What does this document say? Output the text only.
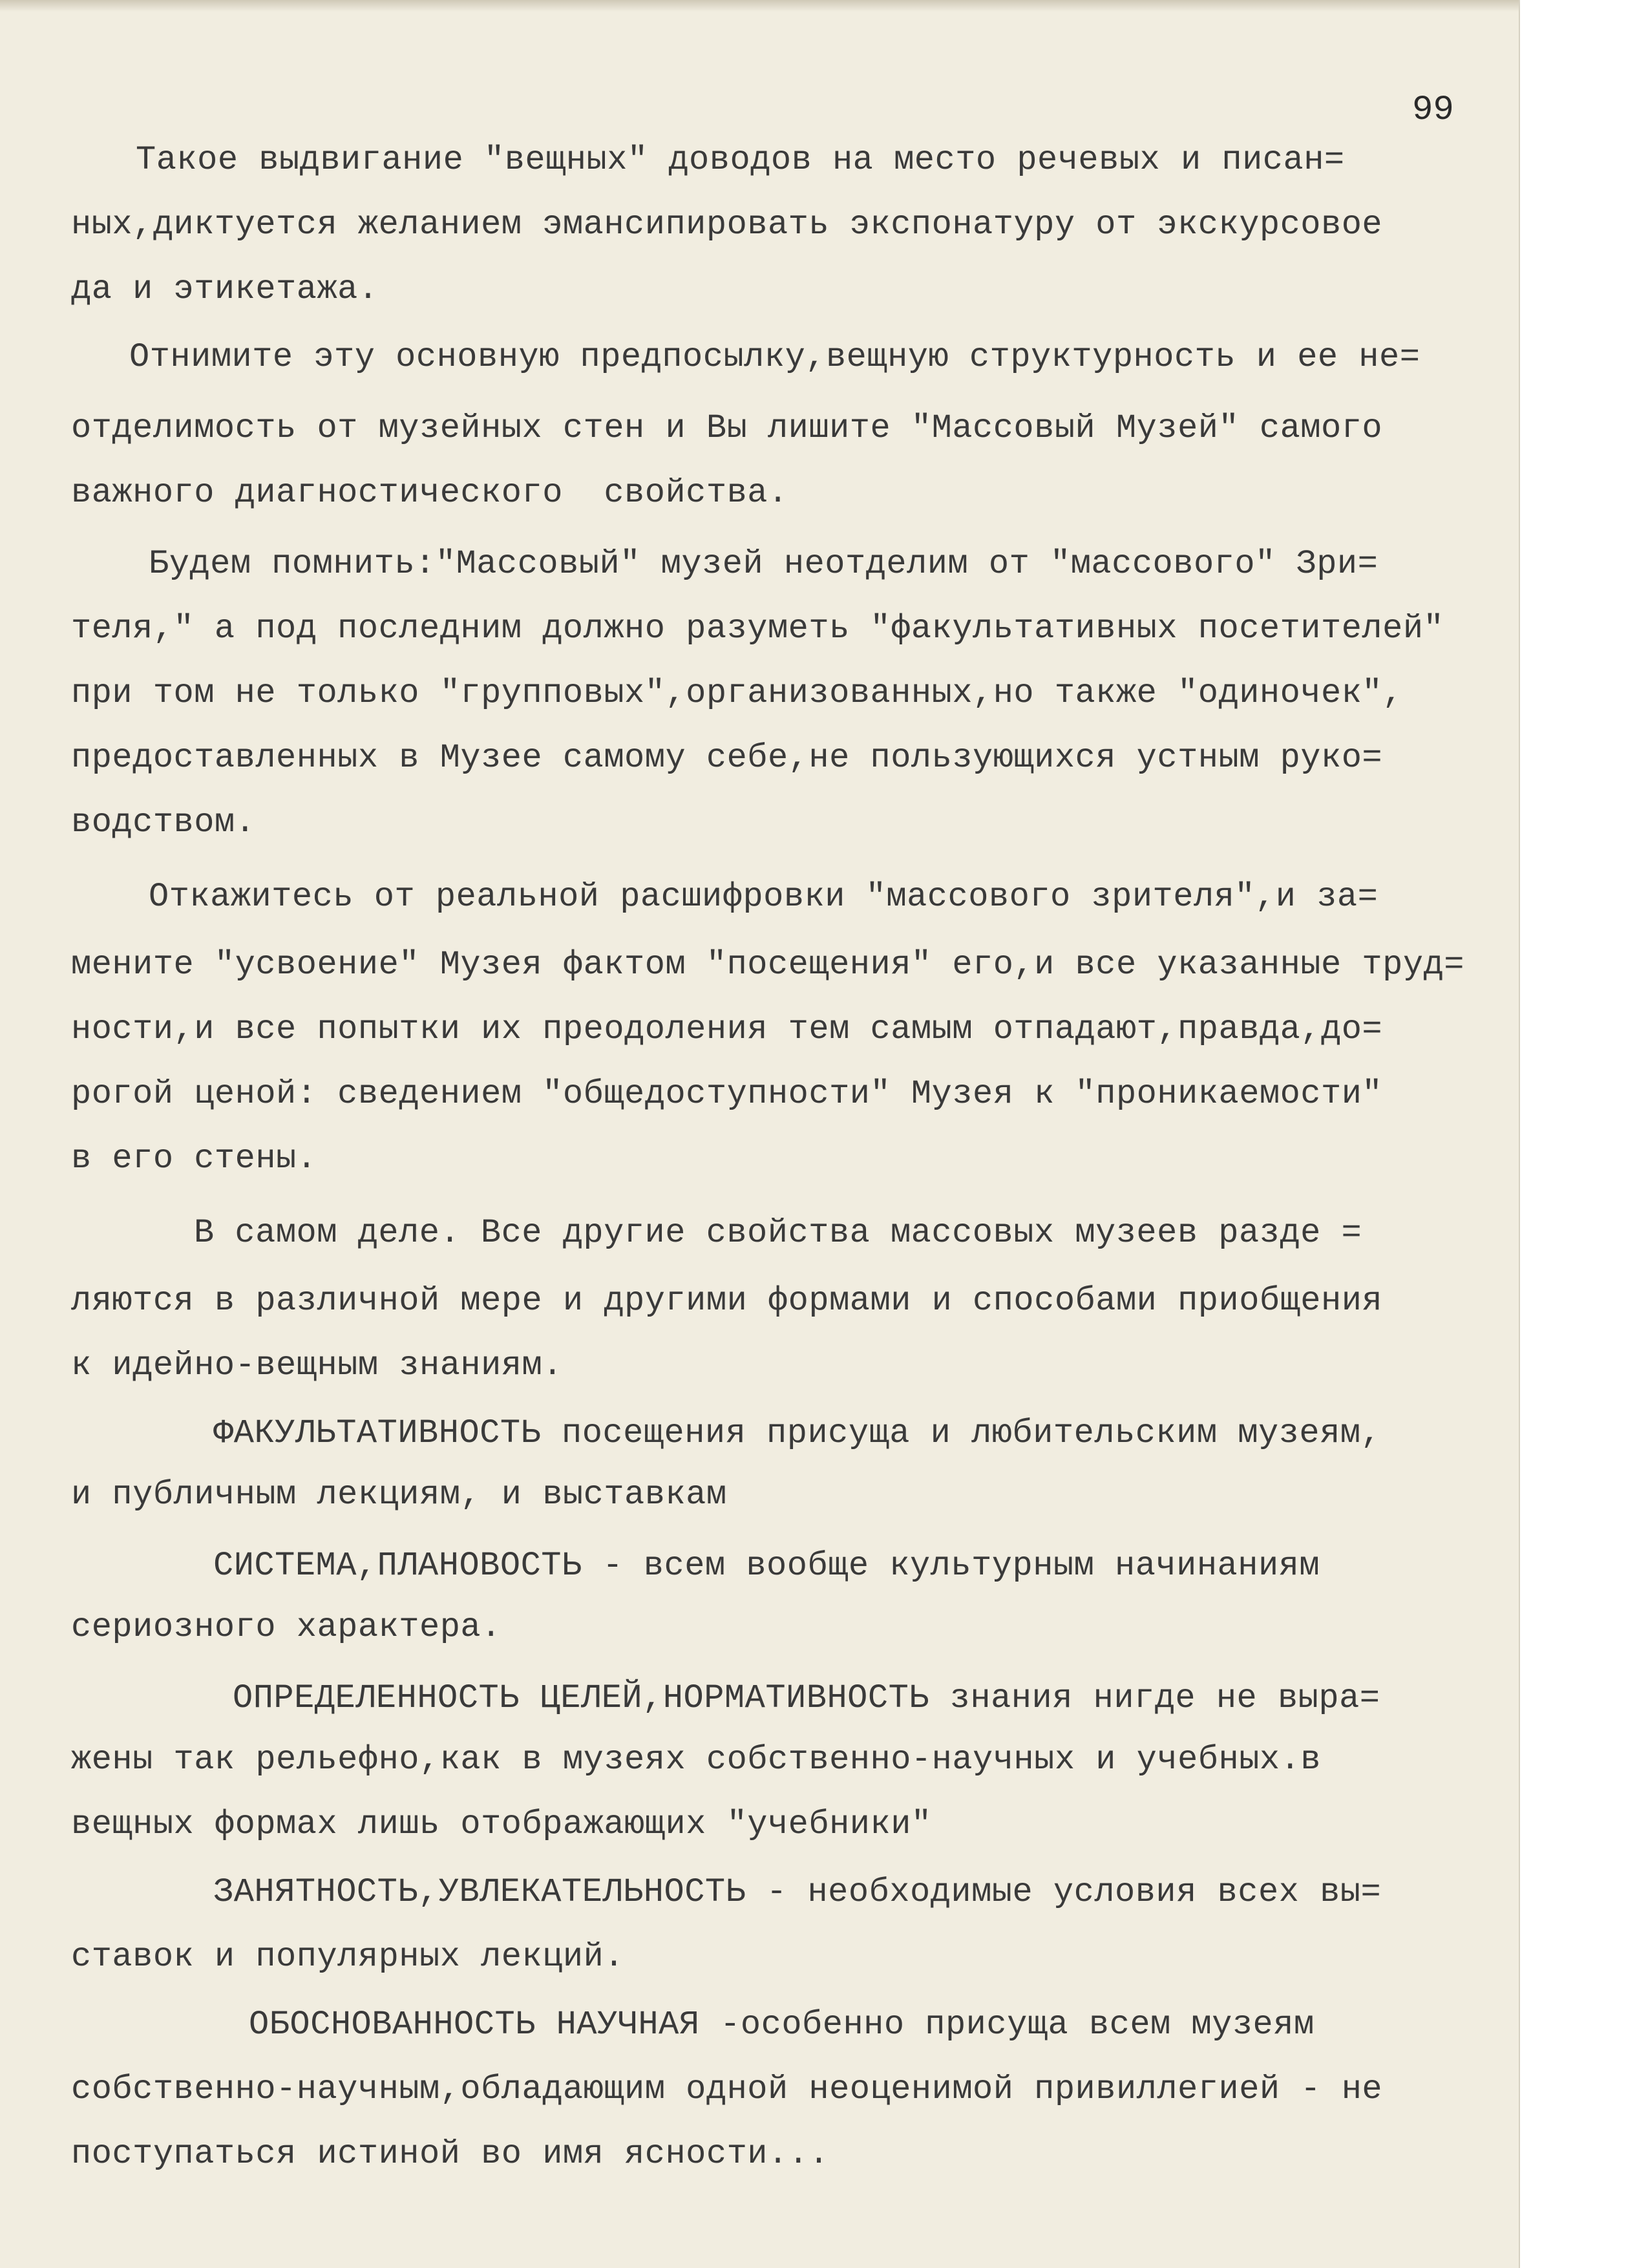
99

Такое выдвигание "вещных" доводов на место речевых и писан=

ных,диктуется желанием эмансипировать экспонатуру от экскурсовое

да и этикетажа.

Отнимите эту основную предпосылку,вещную структурность и ее не=

отделимость от музейных стен и Вы лишите "Массовый Музей" самого

важного диагностического  свойства.

Будем помнить:"Массовый" музей неотделим от "массового" Зри=

теля," а под последним должно разуметь "факультативных посетителей"

при том не только "групповых",организованных,но также "одиночек",

предоставленных в Музее самому себе,не пользующихся устным руко=

водством.

Откажитесь от реальной расшифровки "массового зрителя",и за=

мените "усвоение" Музея фактом "посещения" его,и все указанные труд=

ности,и все попытки их преодоления тем самым отпадают,правда,до=

рогой ценой: сведением "общедоступности" Музея к "проникаемости"

в его стены.

В самом деле. Все другие свойства массовых музеев разде =

ляются в различной мере и другими формами и способами приобщения

к идейно-вещным знаниям.

ФАКУЛЬТАТИВНОСТЬ посещения присуща и любительским музеям,

и публичным лекциям, и выставкам

СИСТЕМА,ПЛАНОВОСТЬ - всем вообще культурным начинаниям

сериозного характера.

ОПРЕДЕЛЕННОСТЬ ЦЕЛЕЙ,НОРМАТИВНОСТЬ знания нигде не выра=

жены так рельефно,как в музеях собственно-научных и учебных.в

вещных формах лишь отображающих "учебники"

ЗАНЯТНОСТЬ,УВЛЕКАТЕЛЬНОСТЬ - необходимые условия всех вы=

ставок и популярных лекций.

ОБОСНОВАННОСТЬ НАУЧНАЯ -особенно присуща всем музеям

собственно-научным,обладающим одной неоценимой привиллегией - не

поступаться истиной во имя ясности...
